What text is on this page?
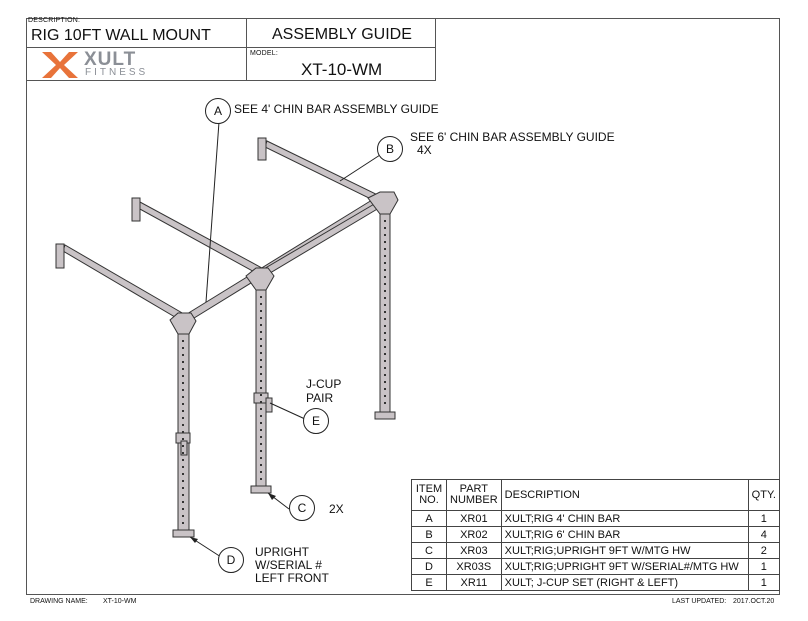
DESCRIPTION:
RIG 10FT WALL MOUNT	ASSEMBLY GUIDE
MODEL:
XT-10-WM
XULT
FITNESS
A	SEE 4' CHIN BAR ASSEMBLY GUIDE
B
SEE 6' CHIN BAR ASSEMBLY GUIDE
4X
J-CUP
PAIR
E
C	2X
D
UPRIGHT
W/SERIAL #
LEFT FRONT
ITEM NO.	PART NUMBER	DESCRIPTION	QTY.
A	XR01	XULT;RIG 4' CHIN BAR	1
B	XR02	XULT;RIG 6' CHIN BAR	4
C	XR03	XULT;RIG;UPRIGHT 9FT W/MTG HW	2
D	XR03S	XULT;RIG;UPRIGHT 9FT W/SERIAL#/MTG HW	1
E	XR11	XULT; J-CUP SET (RIGHT & LEFT)	1
DRAWING NAME: XT-10-WM	LAST UPDATED: 2017.OCT.20
